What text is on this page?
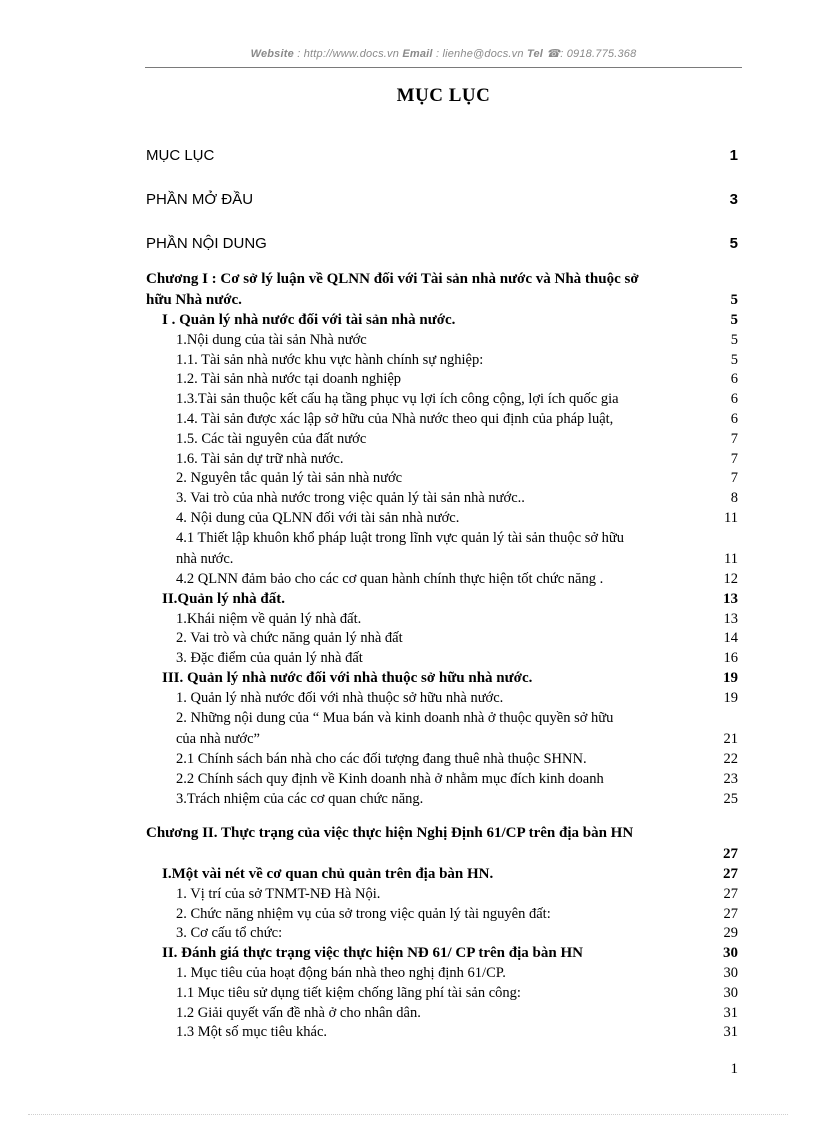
Website : http://www.docs.vn Email : lienhe@docs.vn Tel ☎: 0918.775.368
MỤC LỤC
MỤC LỤC	1
PHẦN MỞ ĐẦU	3
PHẦN NỘI DUNG	5
Chương I : Cơ sở lý luận về QLNN đối với Tài sản nhà nước và Nhà thuộc sở
hữu Nhà nước.	5
I . Quản lý nhà nước đối với tài sản nhà nước.	5
1.Nội dung của tài sản Nhà nước	5
1.1. Tài sản nhà nước khu vực hành chính sự nghiệp:	5
1.2. Tài sản nhà nước tại doanh nghiệp	6
1.3.Tài sản thuộc kết cấu hạ tầng phục vụ lợi ích công cộng, lợi ích quốc gia	6
1.4. Tài sản được xác lập sở hữu của Nhà nước theo qui định của pháp luật,	6
1.5. Các tài nguyên của đất nước	7
1.6. Tài sản dự trữ nhà nước.	7
2. Nguyên tắc quản lý tài sản nhà nước	7
3. Vai trò của nhà nước trong việc quản lý tài sản nhà nước..	8
4. Nội dung của QLNN đối với tài sản nhà nước.	11
4.1 Thiết lập khuôn khổ pháp luật trong lĩnh vực quản lý tài sản thuộc sở hữu
nhà nước.	11
4.2 QLNN đảm bảo cho các cơ quan hành chính thực hiện tốt chức năng .	12
II.Quản lý nhà đất.	13
1.Khái niệm về quản lý nhà đất.	13
2. Vai trò và chức năng quản lý nhà đất	14
3. Đặc điểm của quản lý nhà đất	16
III. Quản lý nhà nước đối với nhà thuộc sở hữu nhà nước.	19
1. Quản lý nhà nước đối với nhà thuộc sở hữu nhà nước.	19
2. Những nội dung của “ Mua bán và kinh doanh nhà ở thuộc quyền sở hữu
của nhà nước”	21
2.1 Chính sách bán nhà cho các đối tượng đang thuê nhà thuộc SHNN.	22
2.2 Chính sách quy định về Kinh doanh nhà ở nhằm mục đích kinh doanh	23
3.Trách nhiệm của các cơ quan chức năng.	25
Chương II. Thực trạng của việc thực hiện Nghị Định 61/CP trên địa bàn HN
27
I.Một vài nét về cơ quan chủ quản trên địa bàn HN.	27
1. Vị trí của sở TNMT-NĐ Hà Nội.	27
2. Chức năng nhiệm vụ của sở trong việc quản lý tài nguyên đất:	27
3. Cơ cấu tổ chức:	29
II. Đánh giá thực trạng việc thực hiện NĐ 61/ CP trên địa bàn HN	30
1. Mục tiêu của hoạt động bán nhà theo nghị định 61/CP.	30
1.1 Mục tiêu sử dụng tiết kiệm chống lãng phí tài sản công:	30
1.2 Giải quyết vấn đề nhà ở cho nhân dân.	31
1.3 Một số mục tiêu khác.	31
1
